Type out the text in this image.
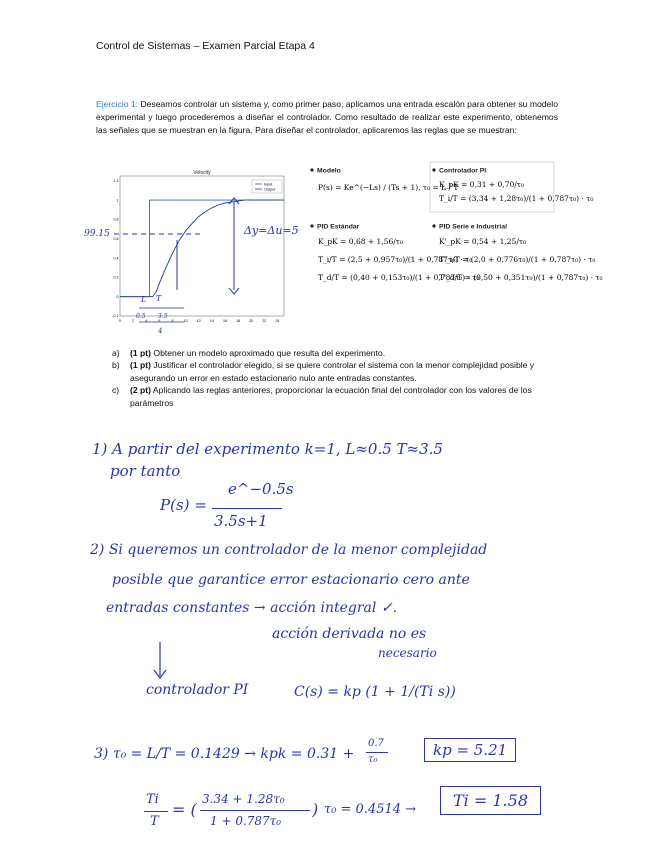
Control de Sistemas – Examen Parcial Etapa 4
Ejercicio 1: Deseamos controlar un sistema y, como primer paso, aplicamos una entrada escalón para obtener su modelo experimental y luego procederemos a diseñar el controlador. Como resultado de realizar este experimento, obtenemos las señales que se muestran en la figura. Para diseñar el controlador, aplicaremos las reglas que se muestran:
Velocity
0	2	4	6	8	10	12	14	16	18	20	22	24
-0.2
0
0.2
0.4
0.6
0.8
1
1.2
Input
Output
99.15	Δy=Δu=5
L T
0.5 3.5
4
Modelo
P(s) = Ke^(−Ls) / (Ts + 1), τ₀ = L / T
Controlador PI
K_pK = 0,31 + 0,70/τ₀
T_i/T = (3,34 + 1,28τ₀)/(1 + 0,787τ₀) · τ₀
PID Estándar
K_pK = 0,68 + 1,56/τ₀
T_i/T = (2,5 + 0,957τ₀)/(1 + 0,787τ₀) · τ₀
T_d/T = (0,40 + 0,153τ₀)/(1 + 0,787τ₀) · τ₀
PID Serie e Industrial
K'_pK = 0,54 + 1,25/τ₀
T'_i/T = (2,0 + 0,776τ₀)/(1 + 0,787τ₀) · τ₀
T'_d/T = (0,50 + 0,351τ₀)/(1 + 0,787τ₀) · τ₀
a)	(1 pt) Obtener un modelo aproximado que resulta del experimento.
b)	(1 pt) Justificar el controlador elegido, si se quiere controlar el sistema con la menor complejidad posible y asegurando un error en estado estacionario nulo ante entradas constantes.
c)	(2 pt) Aplicando las reglas anteriores, proporcionar la ecuación final del controlador con los valores de los parámetros
1) A partir del experimento k=1, L≈0.5 T≈3.5
por tanto
e^−0.5s
P(s) =
3.5s+1
2) Si queremos un controlador de la menor complejidad
posible que garantice error estacionario cero ante
entradas constantes → acción integral ✓.
acción derivada no es
necesario
controlador PI	C(s) = kp (1 + 1/(Ti s))
3) τ₀ = L/T = 0.1429 → kpk = 0.31 +
0.7
τ₀
kp = 5.21
Ti
T
= (
3.34 + 1.28τ₀
1 + 0.787τ₀
) τ₀ = 0.4514 →	Ti = 1.58
